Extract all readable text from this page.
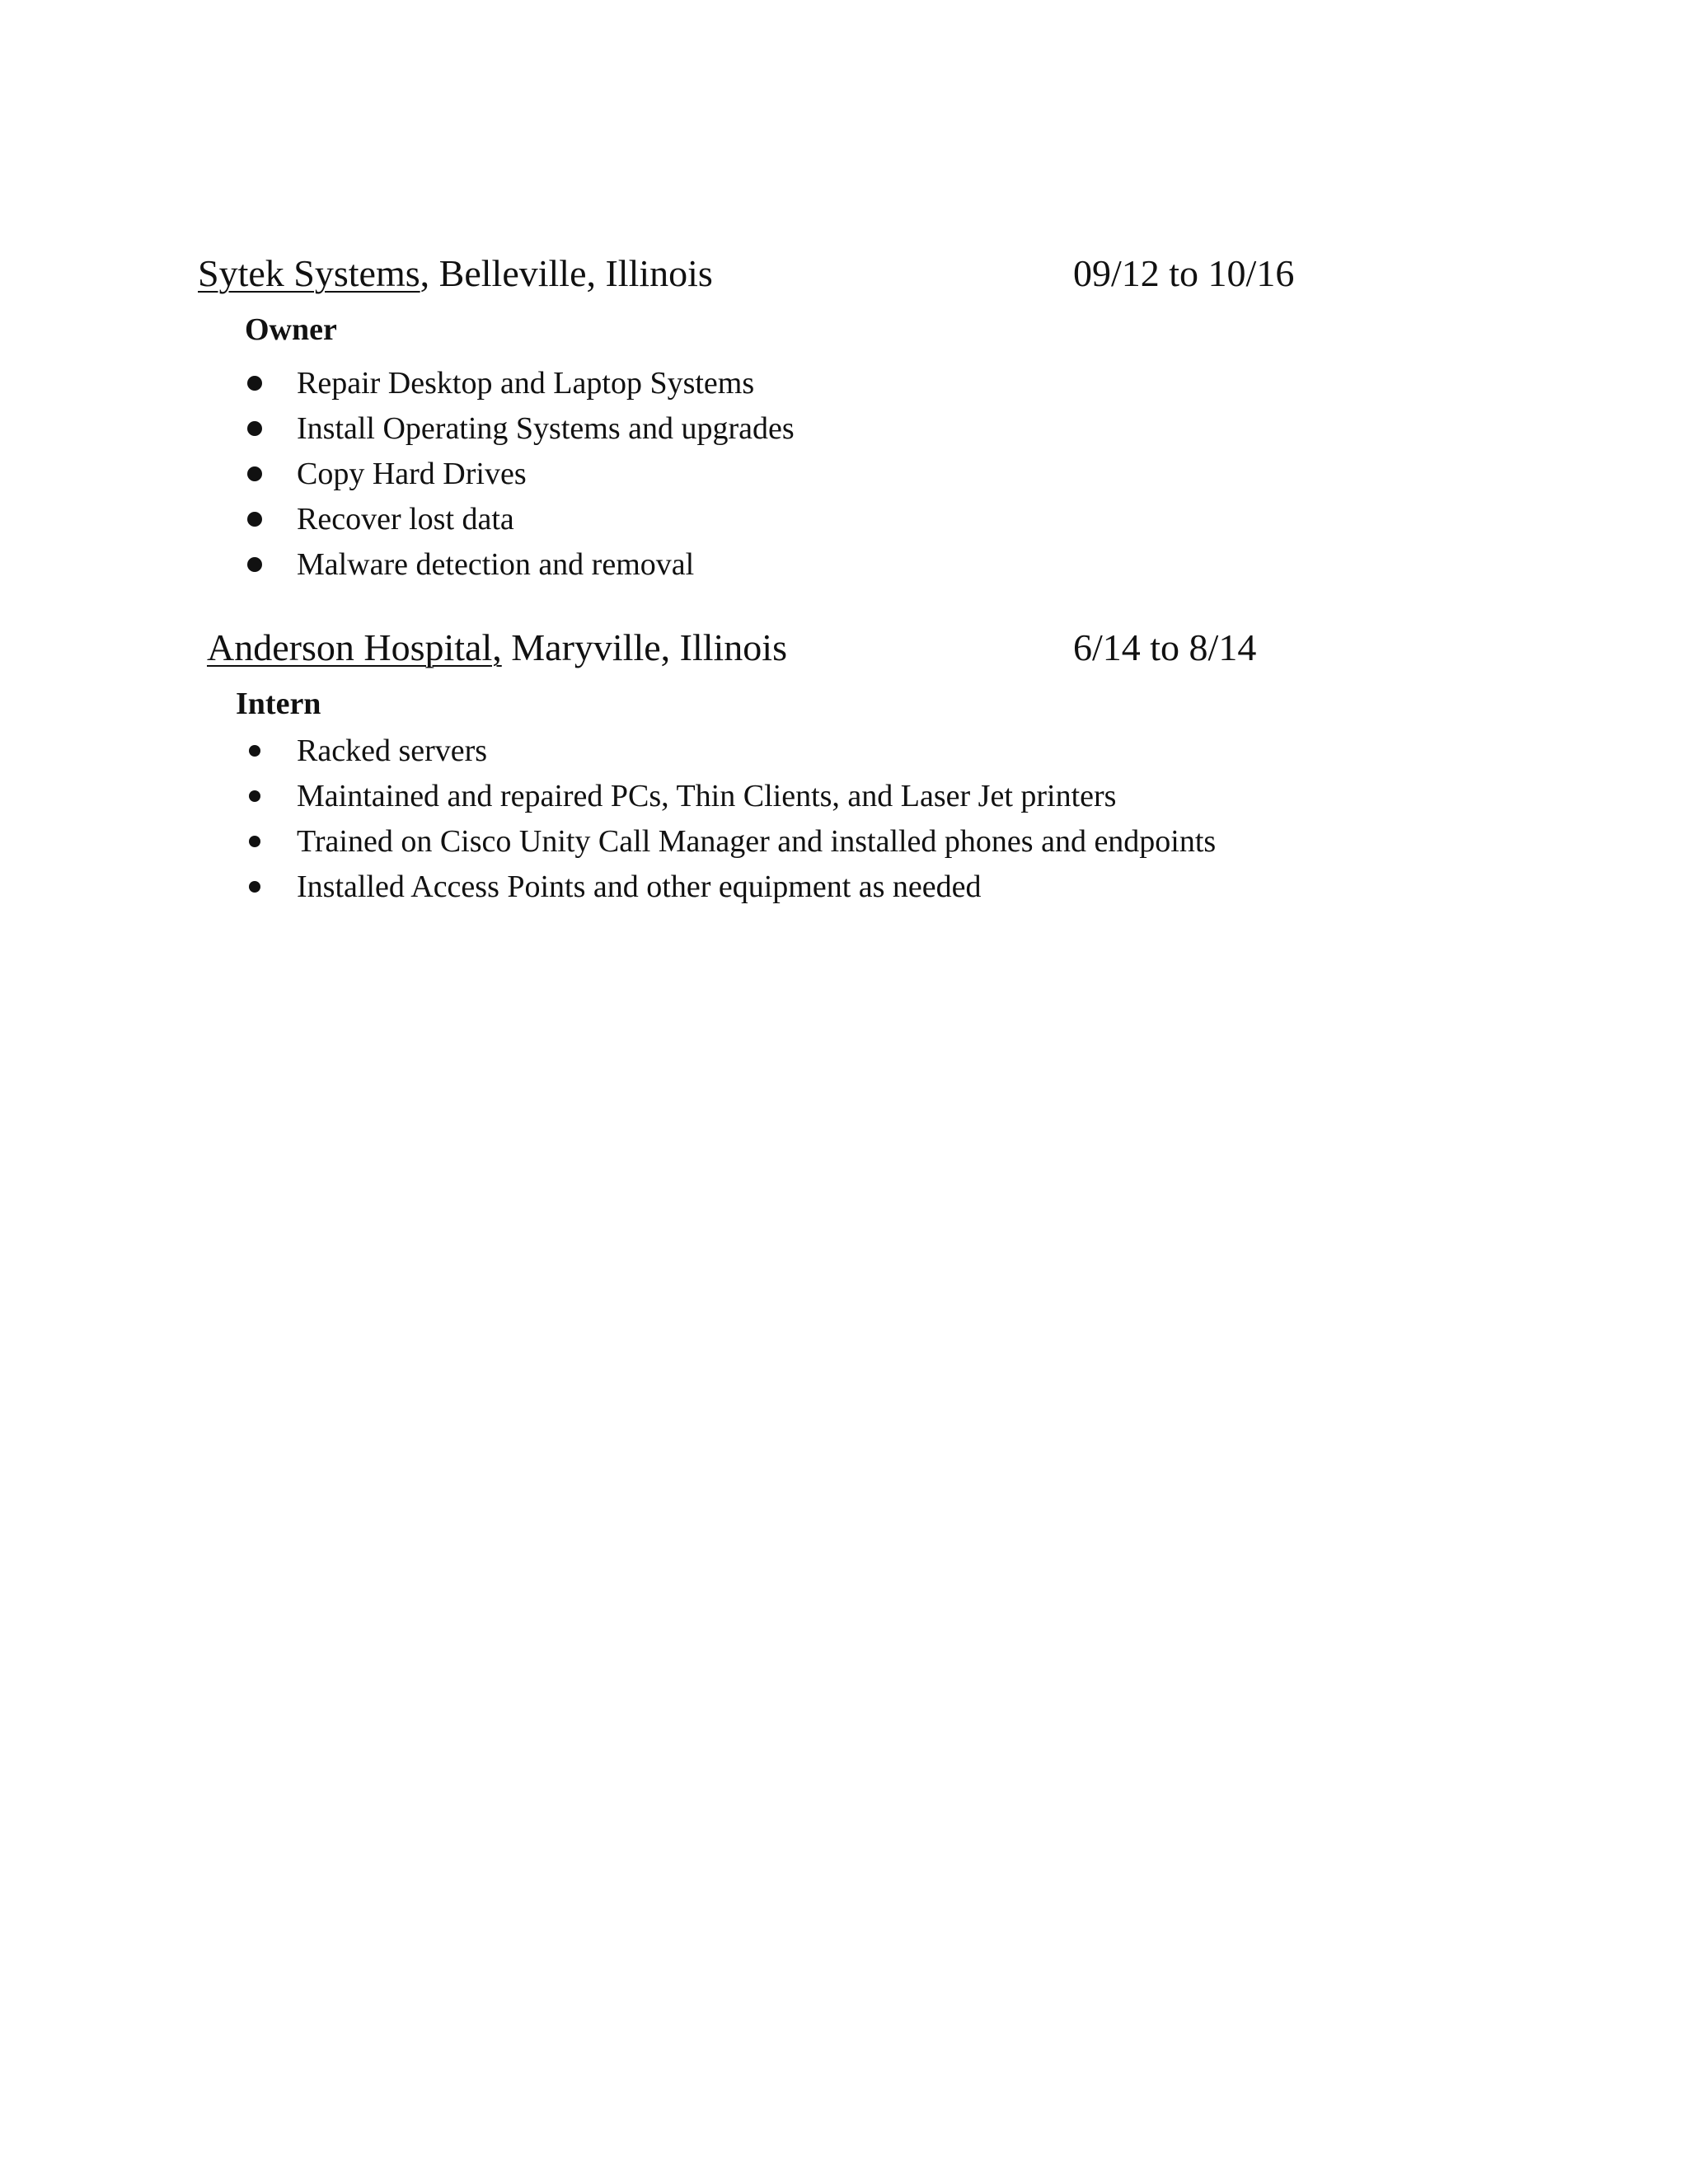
Sytek Systems, Belleville, Illinois	09/12 to 10/16
Owner
Repair Desktop and Laptop Systems
Install Operating Systems and upgrades
Copy Hard Drives
Recover lost data
Malware detection and removal
Anderson Hospital, Maryville, Illinois	6/14 to 8/14
Intern
Racked servers
Maintained and repaired PCs, Thin Clients, and Laser Jet printers
Trained on Cisco Unity Call Manager and installed phones and endpoints
Installed Access Points and other equipment as needed
